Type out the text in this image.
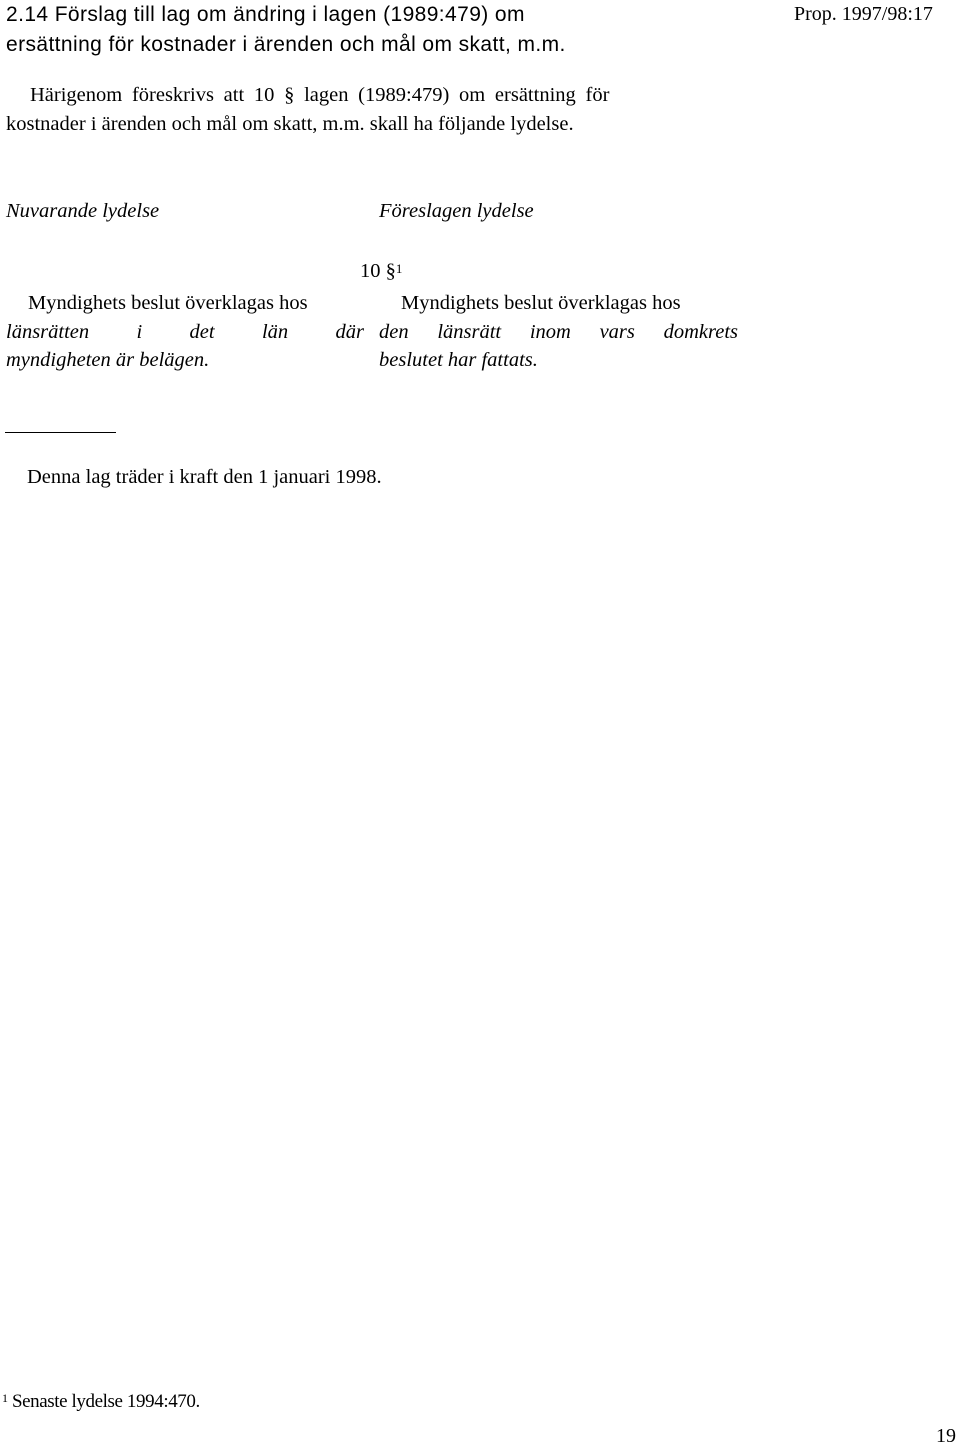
2.14 Förslag till lag om ändring i lagen (1989:479) om
ersättning för kostnader i ärenden och mål om skatt, m.m.
Prop. 1997/98:17
Härigenom föreskrivs att 10 § lagen (1989:479) om ersättning för
kostnader i ärenden och mål om skatt, m.m. skall ha följande lydelse.
Nuvarande lydelse	Föreslagen lydelse
10 §$^1$
Myndighets beslut överklagas hos
länsrätten i det län där
myndigheten är belägen.
Myndighets beslut överklagas hos
den länsrätt inom vars domkrets
beslutet har fattats.
Denna lag träder i kraft den 1 januari 1998.
$^1$ Senaste lydelse 1994:470.
19
